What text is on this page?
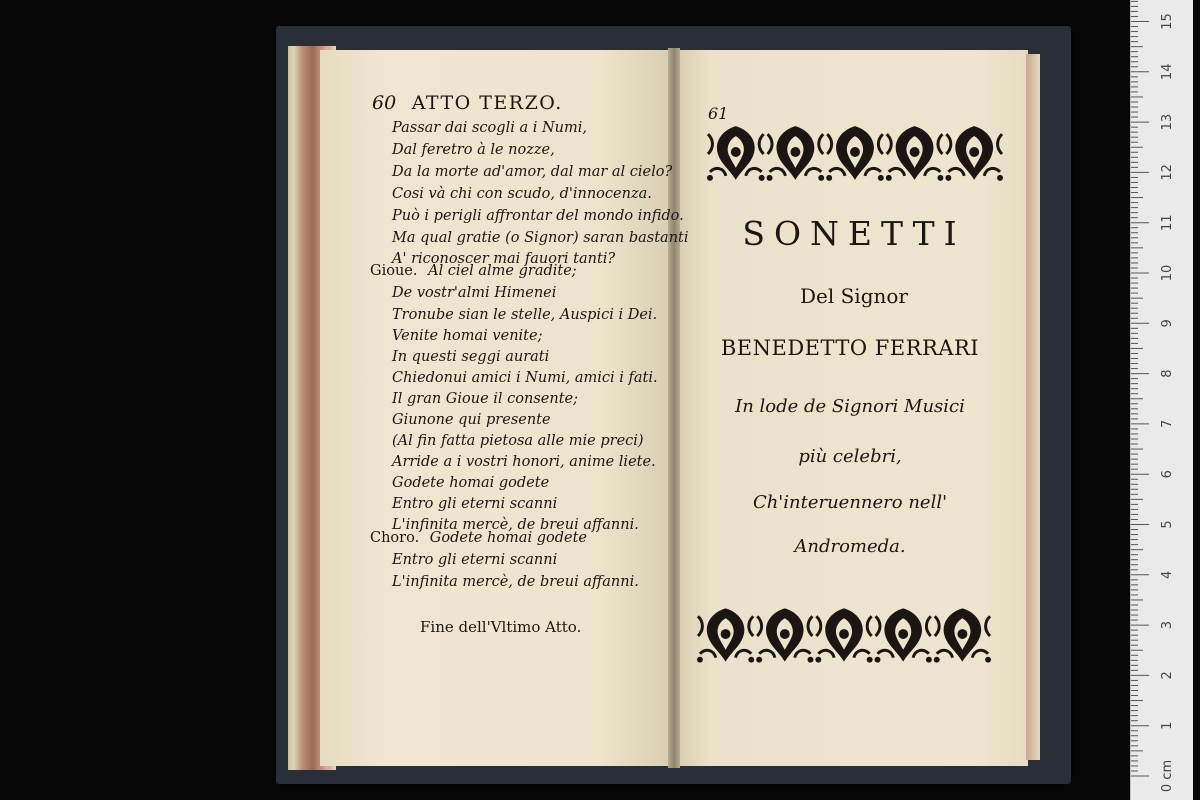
60 ATTO TERZO.
Passar dai scogli a i Numi,
Dal feretro à le nozze,
Da la morte ad'amor, dal mar al cielo?
Cosi và chi con scudo, d'innocenza.
Può i perigli affrontar del mondo infido.
Ma qual gratie (o Signor) saran bastanti
A' riconoscer mai fauori tanti?
Gioue. Al ciel alme gradite;
De vostr'almi Himenei
Tronube sian le stelle, Auspici i Dei.
Venite homai venite;
In questi seggi aurati
Chiedonui amici i Numi, amici i fati.
Il gran Gioue il consente;
Giunone qui presente
(Al fin fatta pietosa alle mie preci)
Arride a i vostri honori, anime liete.
Godete homai godete
Entro gli eterni scanni
L'infinita mercè, de breui affanni.
Choro. Godete homai godete
Entro gli eterni scanni
L'infinita mercè, de breui affanni.
Fine dell'Vltimo Atto.
61
SONETTI
Del Signor
BENEDETTO FERRARI
In lode de Signori Musici
più celebri,
Ch'interuennero nell'
Andromeda.
0 cm
1
2
3
4
5
6
7
8
9
10
11
12
13
14
15
